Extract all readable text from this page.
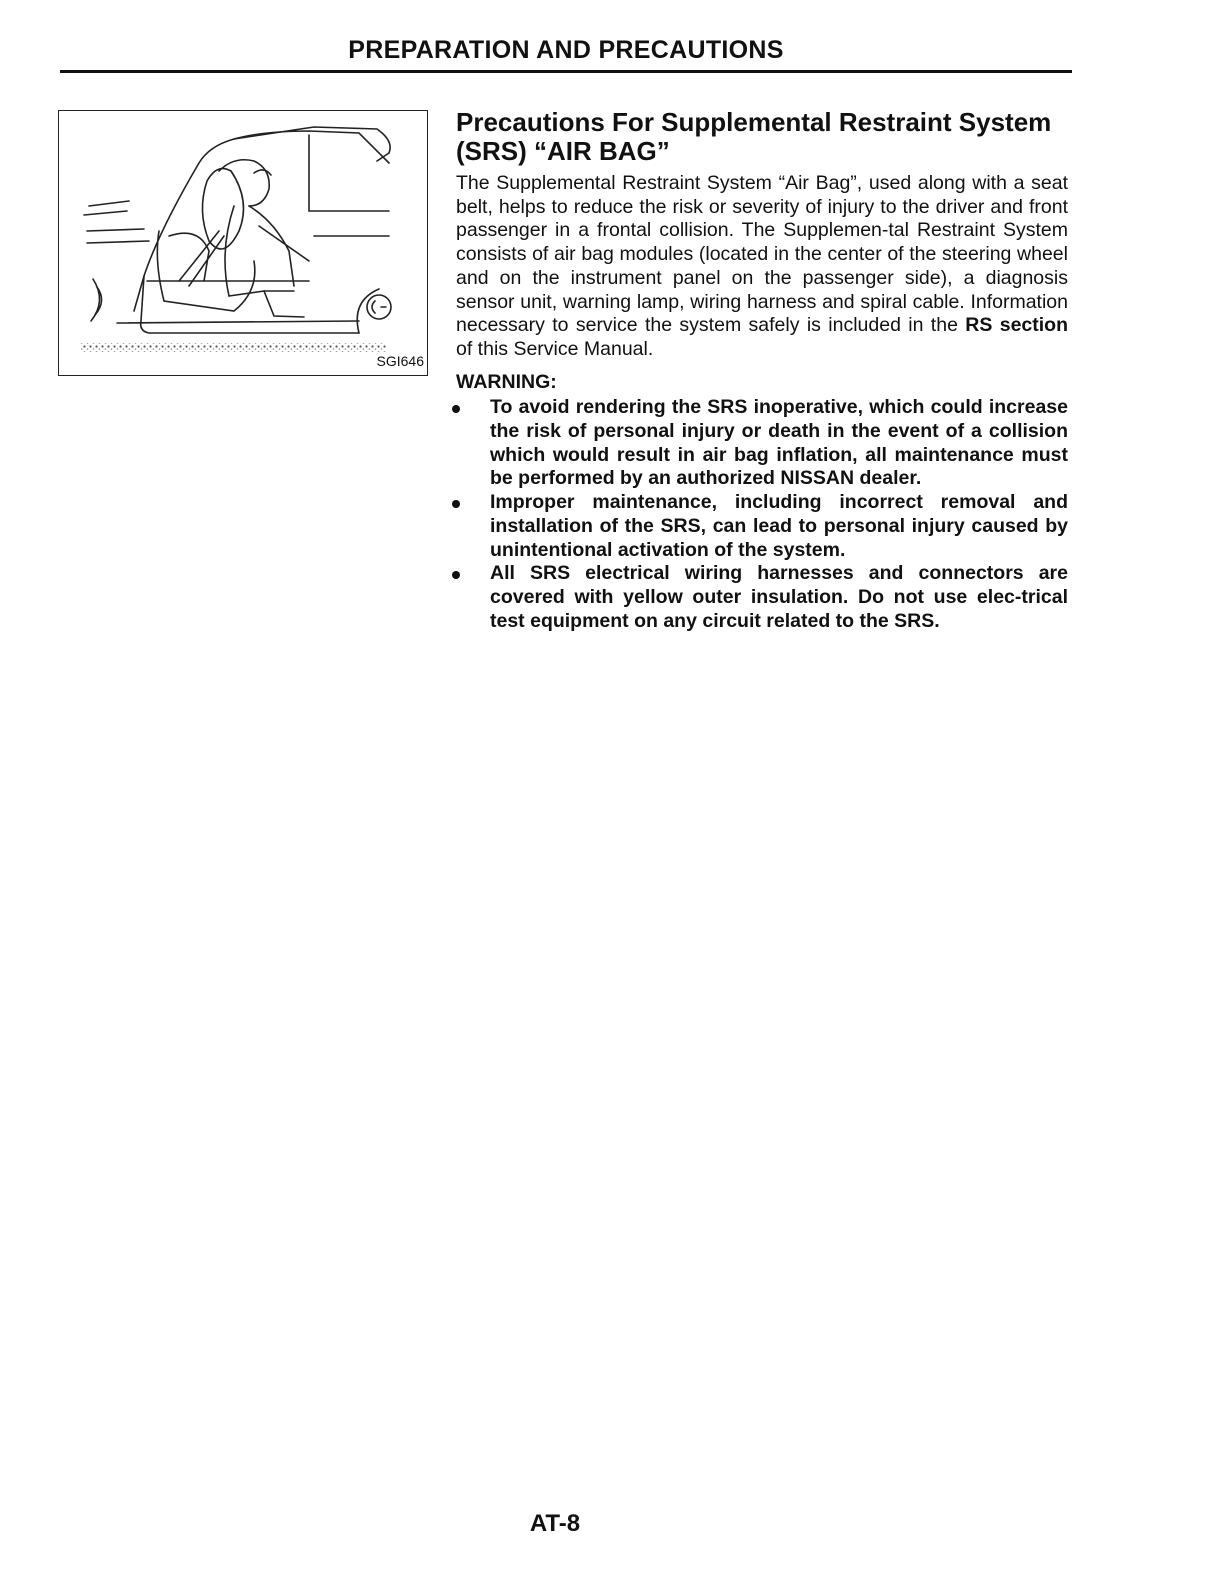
PREPARATION AND PRECAUTIONS
SGI646
Precautions For Supplemental Restraint System (SRS) “AIR BAG”

The Supplemental Restraint System “Air Bag”, used along with a seat belt, helps to reduce the risk or severity of injury to the driver and front passenger in a frontal collision. The Supplemen-tal Restraint System consists of air bag modules (located in the center of the steering wheel and on the instrument panel on the passenger side), a diagnosis sensor unit, warning lamp, wiring harness and spiral cable. Information necessary to service the system safely is included in the RS section of this Service Manual.

WARNING:
To avoid rendering the SRS inoperative, which could increase the risk of personal injury or death in the event of a collision which would result in air bag inflation, all maintenance must be performed by an authorized NISSAN dealer.
Improper maintenance, including incorrect removal and installation of the SRS, can lead to personal injury caused by unintentional activation of the system.
All SRS electrical wiring harnesses and connectors are covered with yellow outer insulation. Do not use elec-trical test equipment on any circuit related to the SRS.
AT-8
